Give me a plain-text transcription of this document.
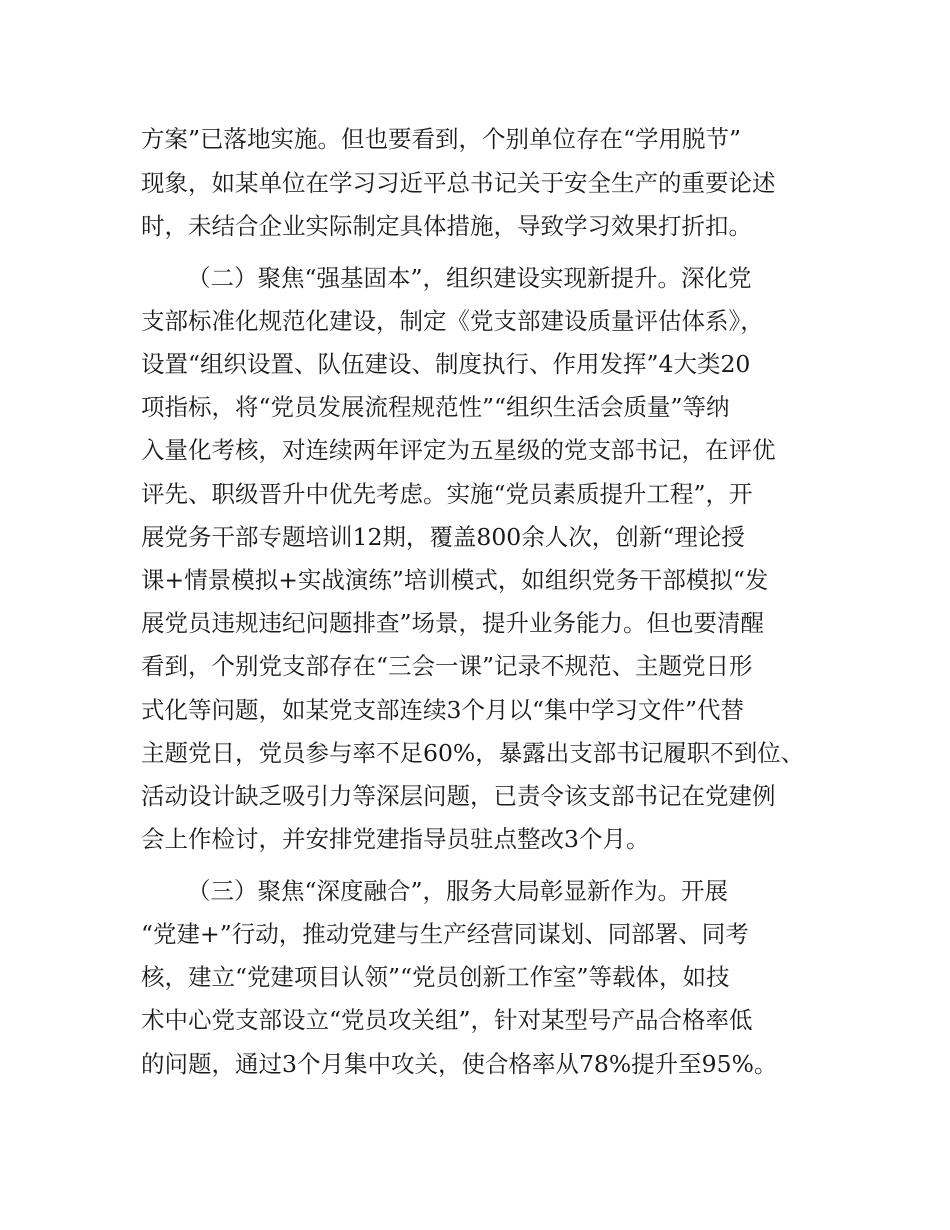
方案”已落地实施。但也要看到，个别单位存在“学用脱节”
现象，如某单位在学习习近平总书记关于安全生产的重要论述
时，未结合企业实际制定具体措施，导致学习效果打折扣。
（二）聚焦“强基固本”，组织建设实现新提升。深化党
支部标准化规范化建设，制定《党支部建设质量评估体系》，
设置“组织设置、队伍建设、制度执行、作用发挥”4大类20
项指标，将“党员发展流程规范性”“组织生活会质量”等纳
入量化考核，对连续两年评定为五星级的党支部书记，在评优
评先、职级晋升中优先考虑。实施“党员素质提升工程”，开
展党务干部专题培训12期，覆盖800余人次，创新“理论授
课+情景模拟+实战演练”培训模式，如组织党务干部模拟“发
展党员违规违纪问题排查”场景，提升业务能力。但也要清醒
看到，个别党支部存在“三会一课”记录不规范、主题党日形
式化等问题，如某党支部连续3个月以“集中学习文件”代替
主题党日，党员参与率不足60%，暴露出支部书记履职不到位、
活动设计缺乏吸引力等深层问题，已责令该支部书记在党建例
会上作检讨，并安排党建指导员驻点整改3个月。
（三）聚焦“深度融合”，服务大局彰显新作为。开展
“党建+”行动，推动党建与生产经营同谋划、同部署、同考
核，建立“党建项目认领”“党员创新工作室”等载体，如技
术中心党支部设立“党员攻关组”，针对某型号产品合格率低
的问题，通过3个月集中攻关，使合格率从78%提升至95%。
